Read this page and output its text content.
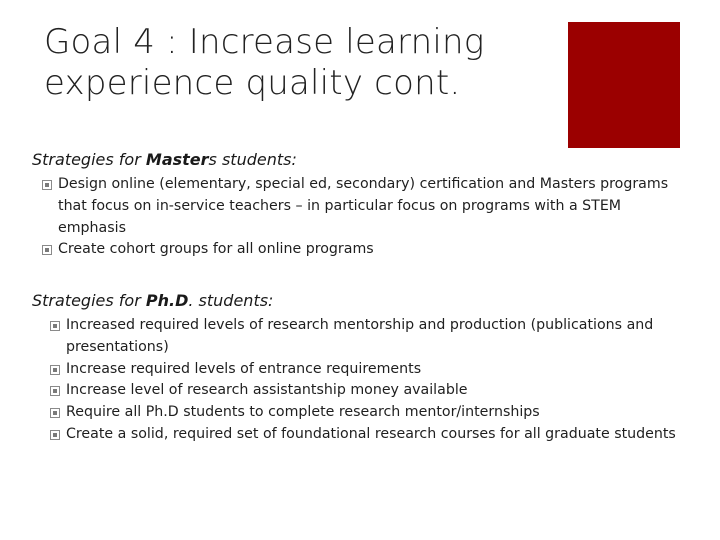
Goal 4 : Increase learning
experience quality cont.
Strategies for Masters students:
Design online (elementary, special ed, secondary) certification and Masters programs that focus on in-service teachers – in particular focus on programs with a STEM emphasis
Create cohort groups for all online programs
Strategies for Ph.D. students:
Increased required levels of research mentorship and production (publications and presentations)
Increase required levels of entrance requirements
Increase level of research assistantship money available
Require all Ph.D students to complete research mentor/internships
Create a solid, required set of foundational research courses for all graduate students
